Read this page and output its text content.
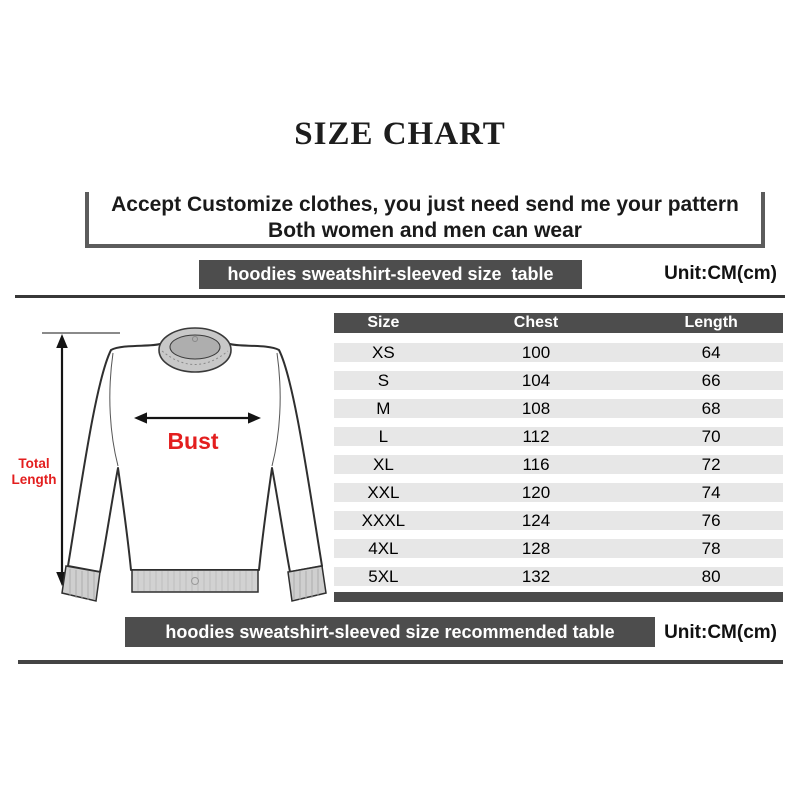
SIZE CHART
Accept Customize clothes, you just need send me your pattern
Both women and men can wear
hoodies sweatshirt-sleeved size  table	Unit:CM(cm)
Bust
Total
Length
Size	Chest	Length
XS	100	64
S	104	66
M	108	68
L	112	70
XL	116	72
XXL	120	74
XXXL	124	76
4XL	128	78
5XL	132	80
hoodies sweatshirt-sleeved size recommended table	Unit:CM(cm)
